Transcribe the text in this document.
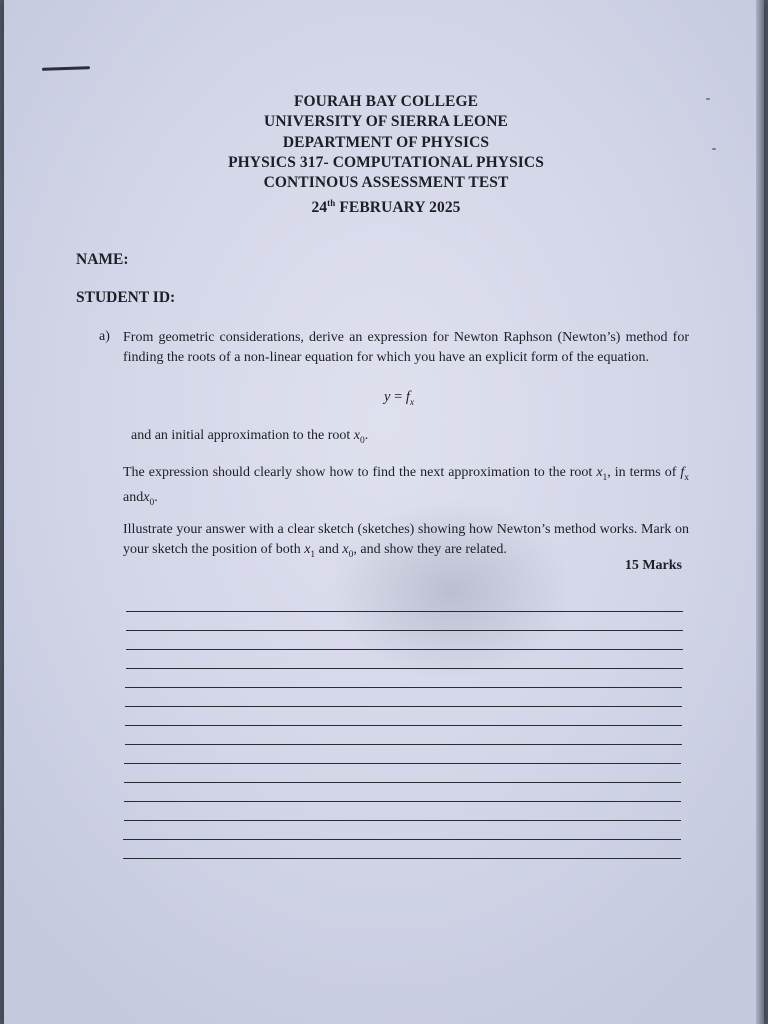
FOURAH BAY COLLEGE
UNIVERSITY OF SIERRA LEONE
DEPARTMENT OF PHYSICS
PHYSICS 317- COMPUTATIONAL PHYSICS
CONTINOUS ASSESSMENT TEST
24th FEBRUARY 2025
NAME:
STUDENT ID:
a) From geometric considerations, derive an expression for Newton Raphson (Newton’s) method for finding the roots of a non-linear equation for which you have an explicit form of the equation.
$y = f_x$
and an initial approximation to the root $x_0$.
The expression should clearly show how to find the next approximation to the root $x_1$, in terms of $f_x$ andx$_0$.
Illustrate your answer with a clear sketch (sketches) showing how Newton’s method works. Mark on your sketch the position of both $x_1$ and $x_0$, and show they are related.
15 Marks
